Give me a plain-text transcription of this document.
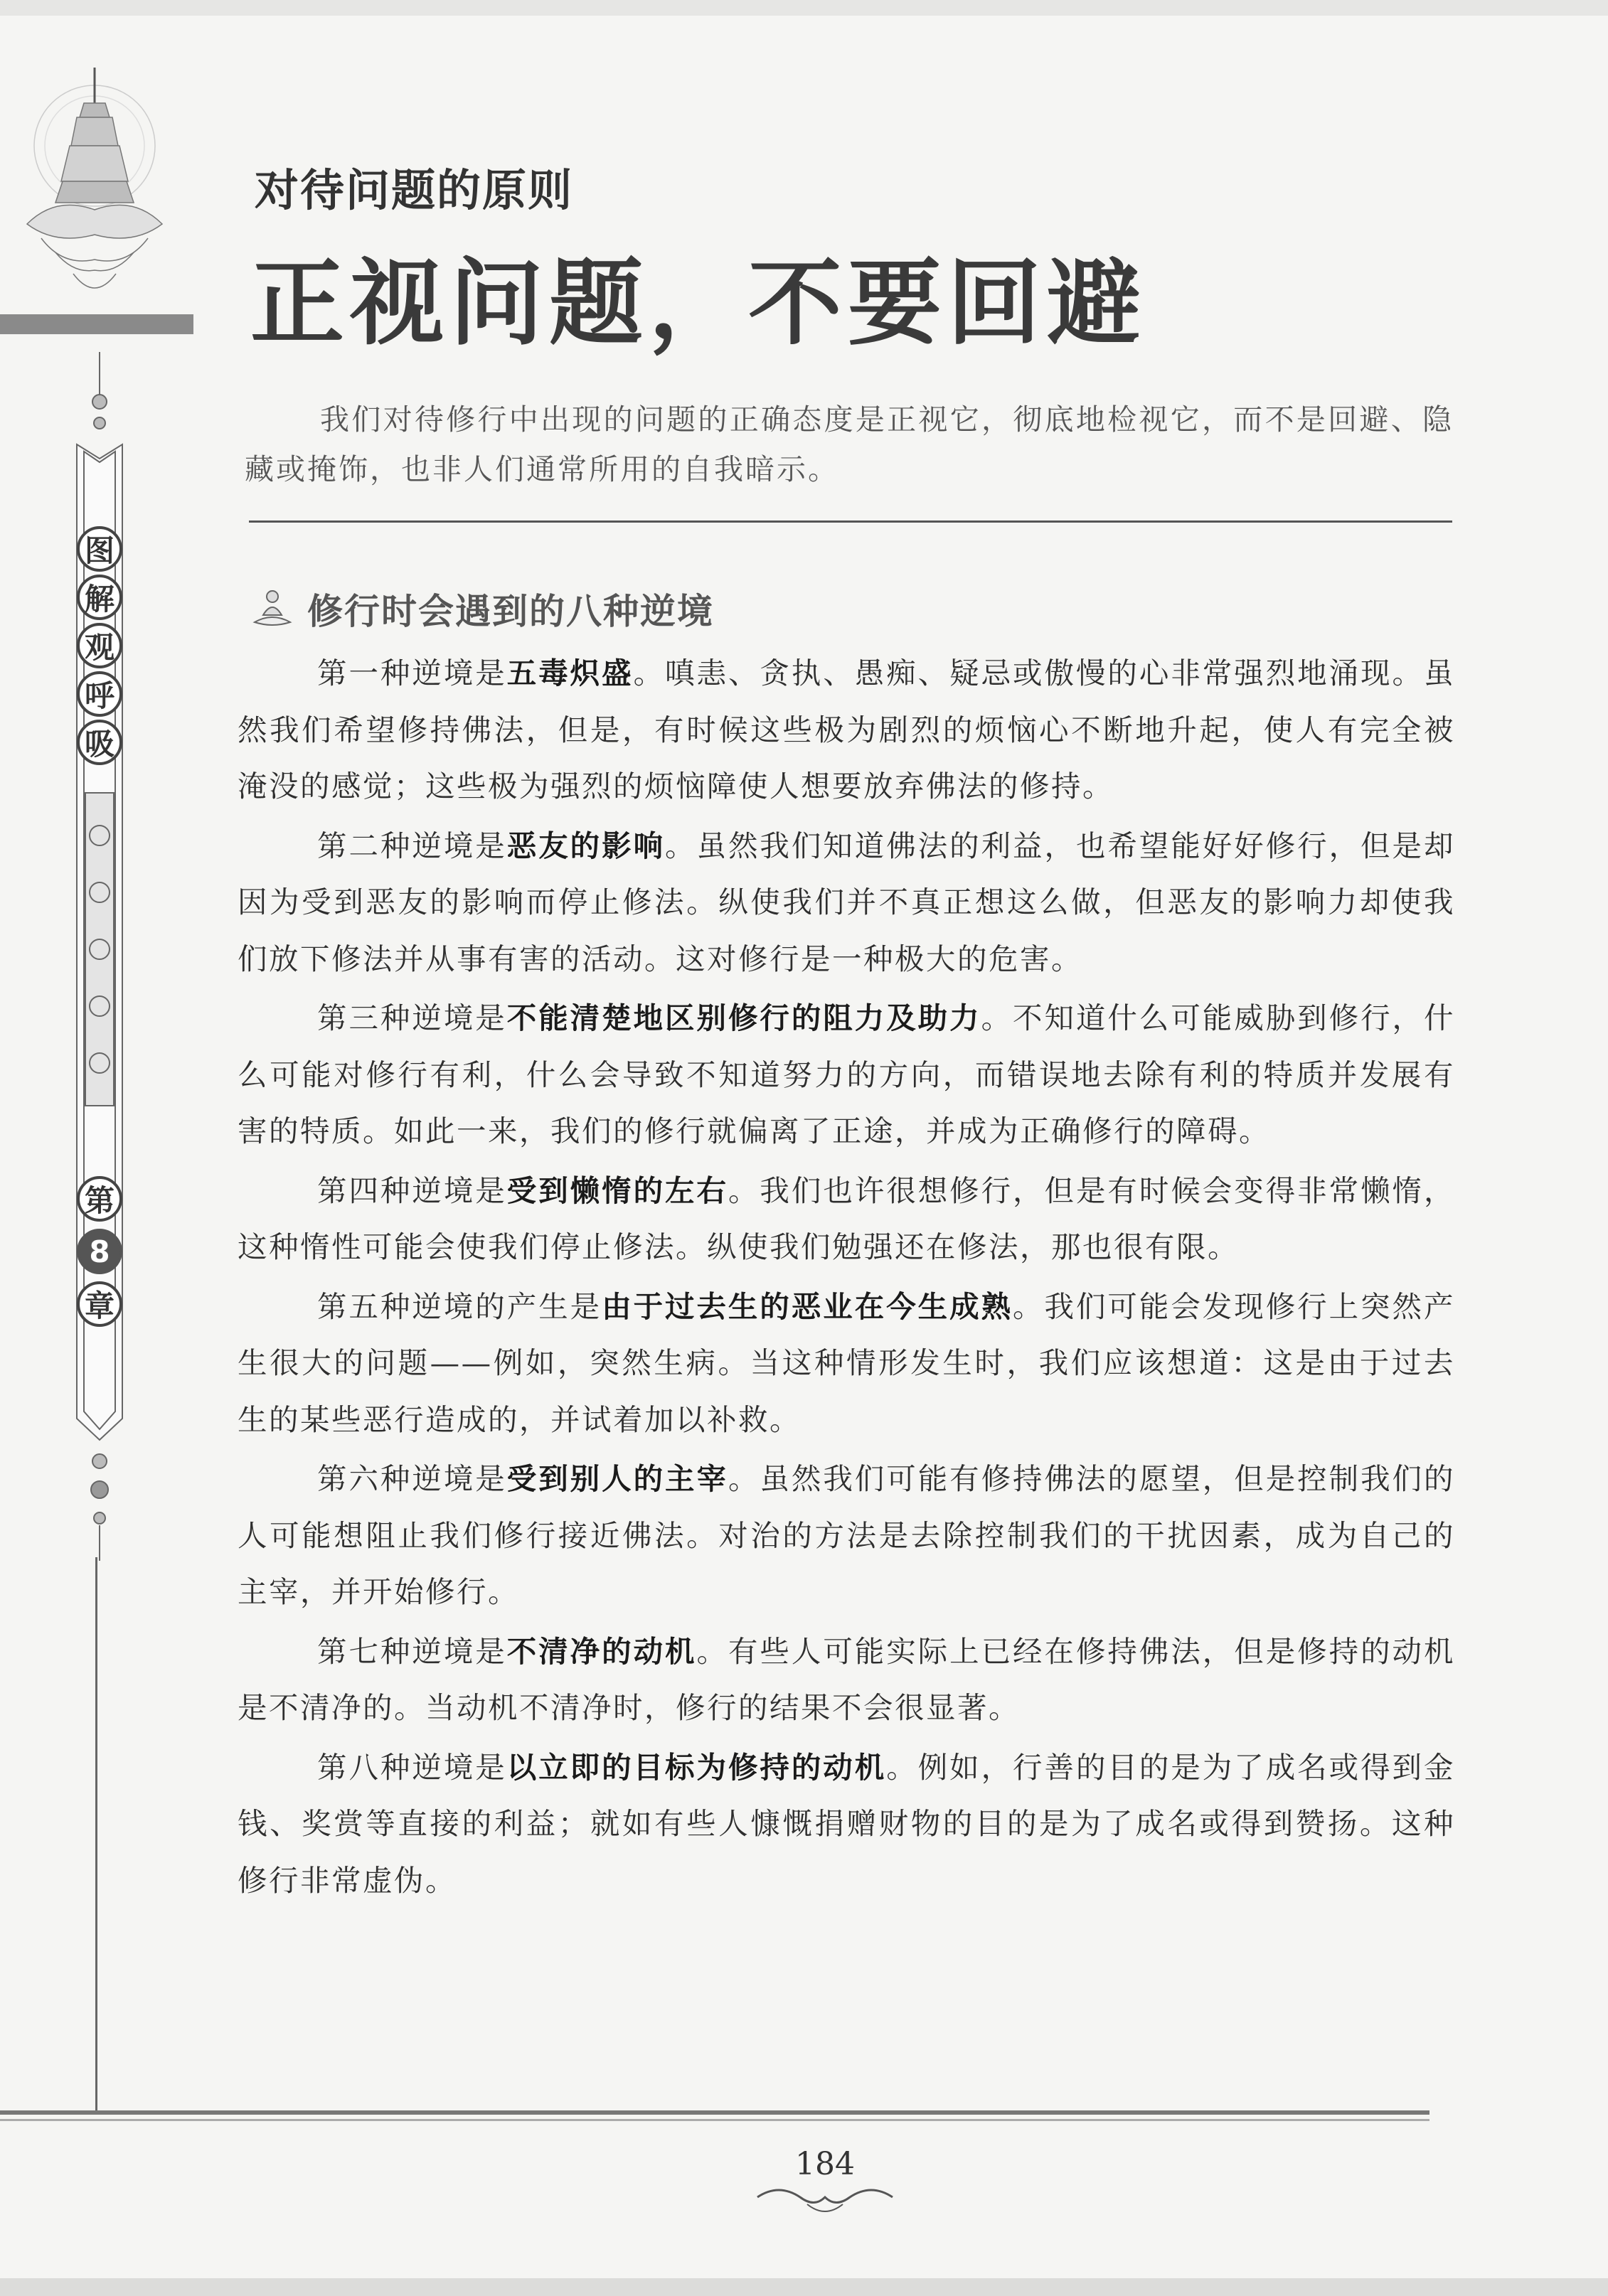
图
解
观
呼
吸
第
8
章
对待问题的原则
正视问题，不要回避
我们对待修行中出现的问题的正确态度是正视它，彻底地检视它，而不是回避、隐藏或掩饰，也非人们通常所用的自我暗示。
修行时会遇到的八种逆境

第一种逆境是五毒炽盛。嗔恚、贪执、愚痴、疑忌或傲慢的心非常强烈地涌现。虽然我们希望修持佛法，但是，有时候这些极为剧烈的烦恼心不断地升起，使人有完全被淹没的感觉；这些极为强烈的烦恼障使人想要放弃佛法的修持。

第二种逆境是恶友的影响。虽然我们知道佛法的利益，也希望能好好修行，但是却因为受到恶友的影响而停止修法。纵使我们并不真正想这么做，但恶友的影响力却使我们放下修法并从事有害的活动。这对修行是一种极大的危害。

第三种逆境是不能清楚地区别修行的阻力及助力。不知道什么可能威胁到修行，什么可能对修行有利，什么会导致不知道努力的方向，而错误地去除有利的特质并发展有害的特质。如此一来，我们的修行就偏离了正途，并成为正确修行的障碍。

第四种逆境是受到懒惰的左右。我们也许很想修行，但是有时候会变得非常懒惰，这种惰性可能会使我们停止修法。纵使我们勉强还在修法，那也很有限。

第五种逆境的产生是由于过去生的恶业在今生成熟。我们可能会发现修行上突然产生很大的问题——例如，突然生病。当这种情形发生时，我们应该想道：这是由于过去生的某些恶行造成的，并试着加以补救。

第六种逆境是受到别人的主宰。虽然我们可能有修持佛法的愿望，但是控制我们的人可能想阻止我们修行接近佛法。对治的方法是去除控制我们的干扰因素，成为自己的主宰，并开始修行。

第七种逆境是不清净的动机。有些人可能实际上已经在修持佛法，但是修持的动机是不清净的。当动机不清净时，修行的结果不会很显著。

第八种逆境是以立即的目标为修持的动机。例如，行善的目的是为了成名或得到金钱、奖赏等直接的利益；就如有些人慷慨捐赠财物的目的是为了成名或得到赞扬。这种修行非常虚伪。

184
